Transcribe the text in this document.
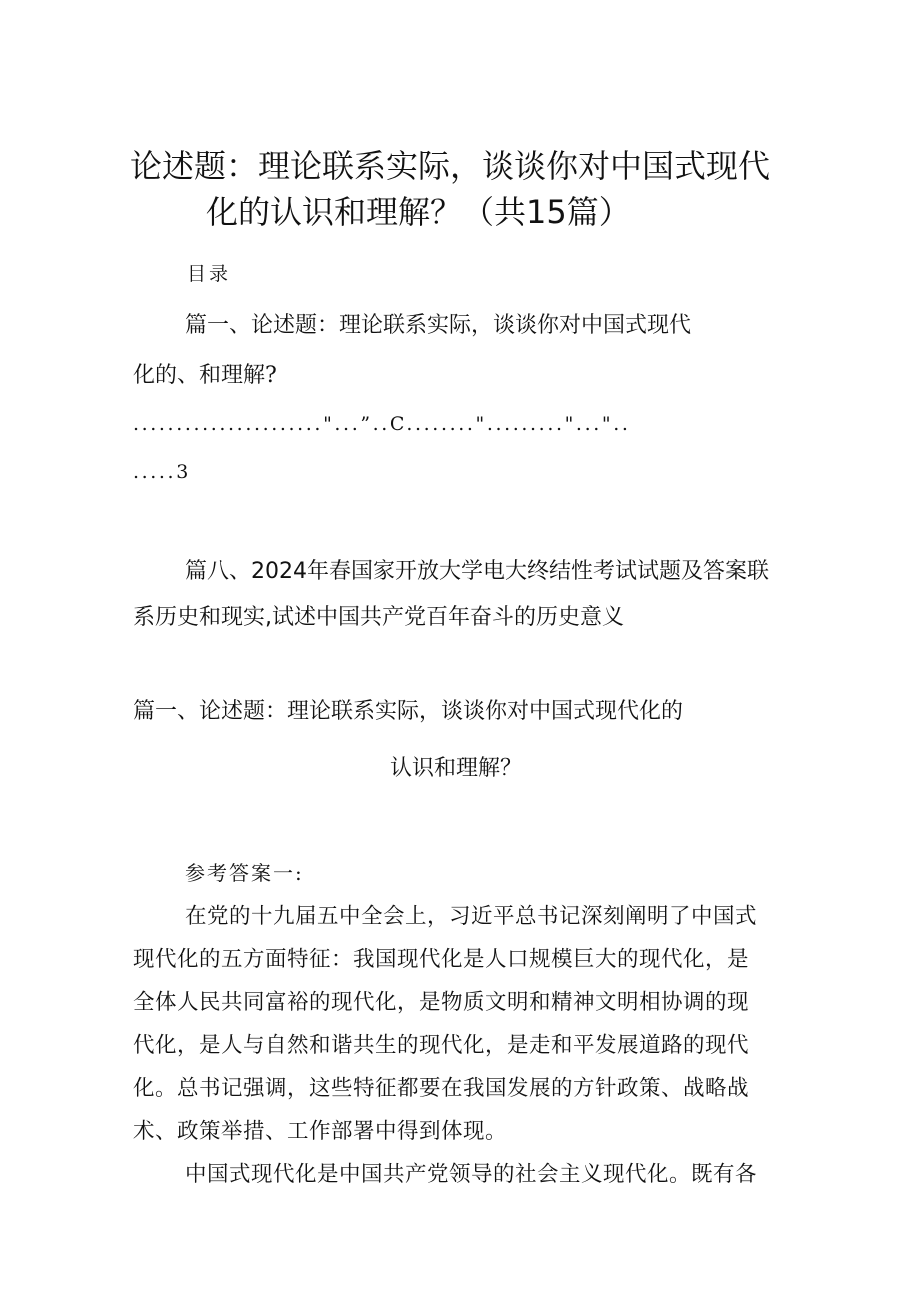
论述题：理论联系实际，谈谈你对中国式现代
化的认识和理解？（共15篇）
目录
篇一、论述题：理论联系实际，谈谈你对中国式现代
化的、和理解?
......................"...”..C........"........."..."..
.....3
篇八、2024年春国家开放大学电大终结性考试试题及答案联
系历史和现实,试述中国共产党百年奋斗的历史意义
篇一、论述题：理论联系实际，谈谈你对中国式现代化的
认识和理解？
参考答案一:
在党的十九届五中全会上，习近平总书记深刻阐明了中国式
现代化的五方面特征：我国现代化是人口规模巨大的现代化，是
全体人民共同富裕的现代化，是物质文明和精神文明相协调的现
代化，是人与自然和谐共生的现代化，是走和平发展道路的现代
化。总书记强调，这些特征都要在我国发展的方针政策、战略战
术、政策举措、工作部署中得到体现。
中国式现代化是中国共产党领导的社会主义现代化。既有各
